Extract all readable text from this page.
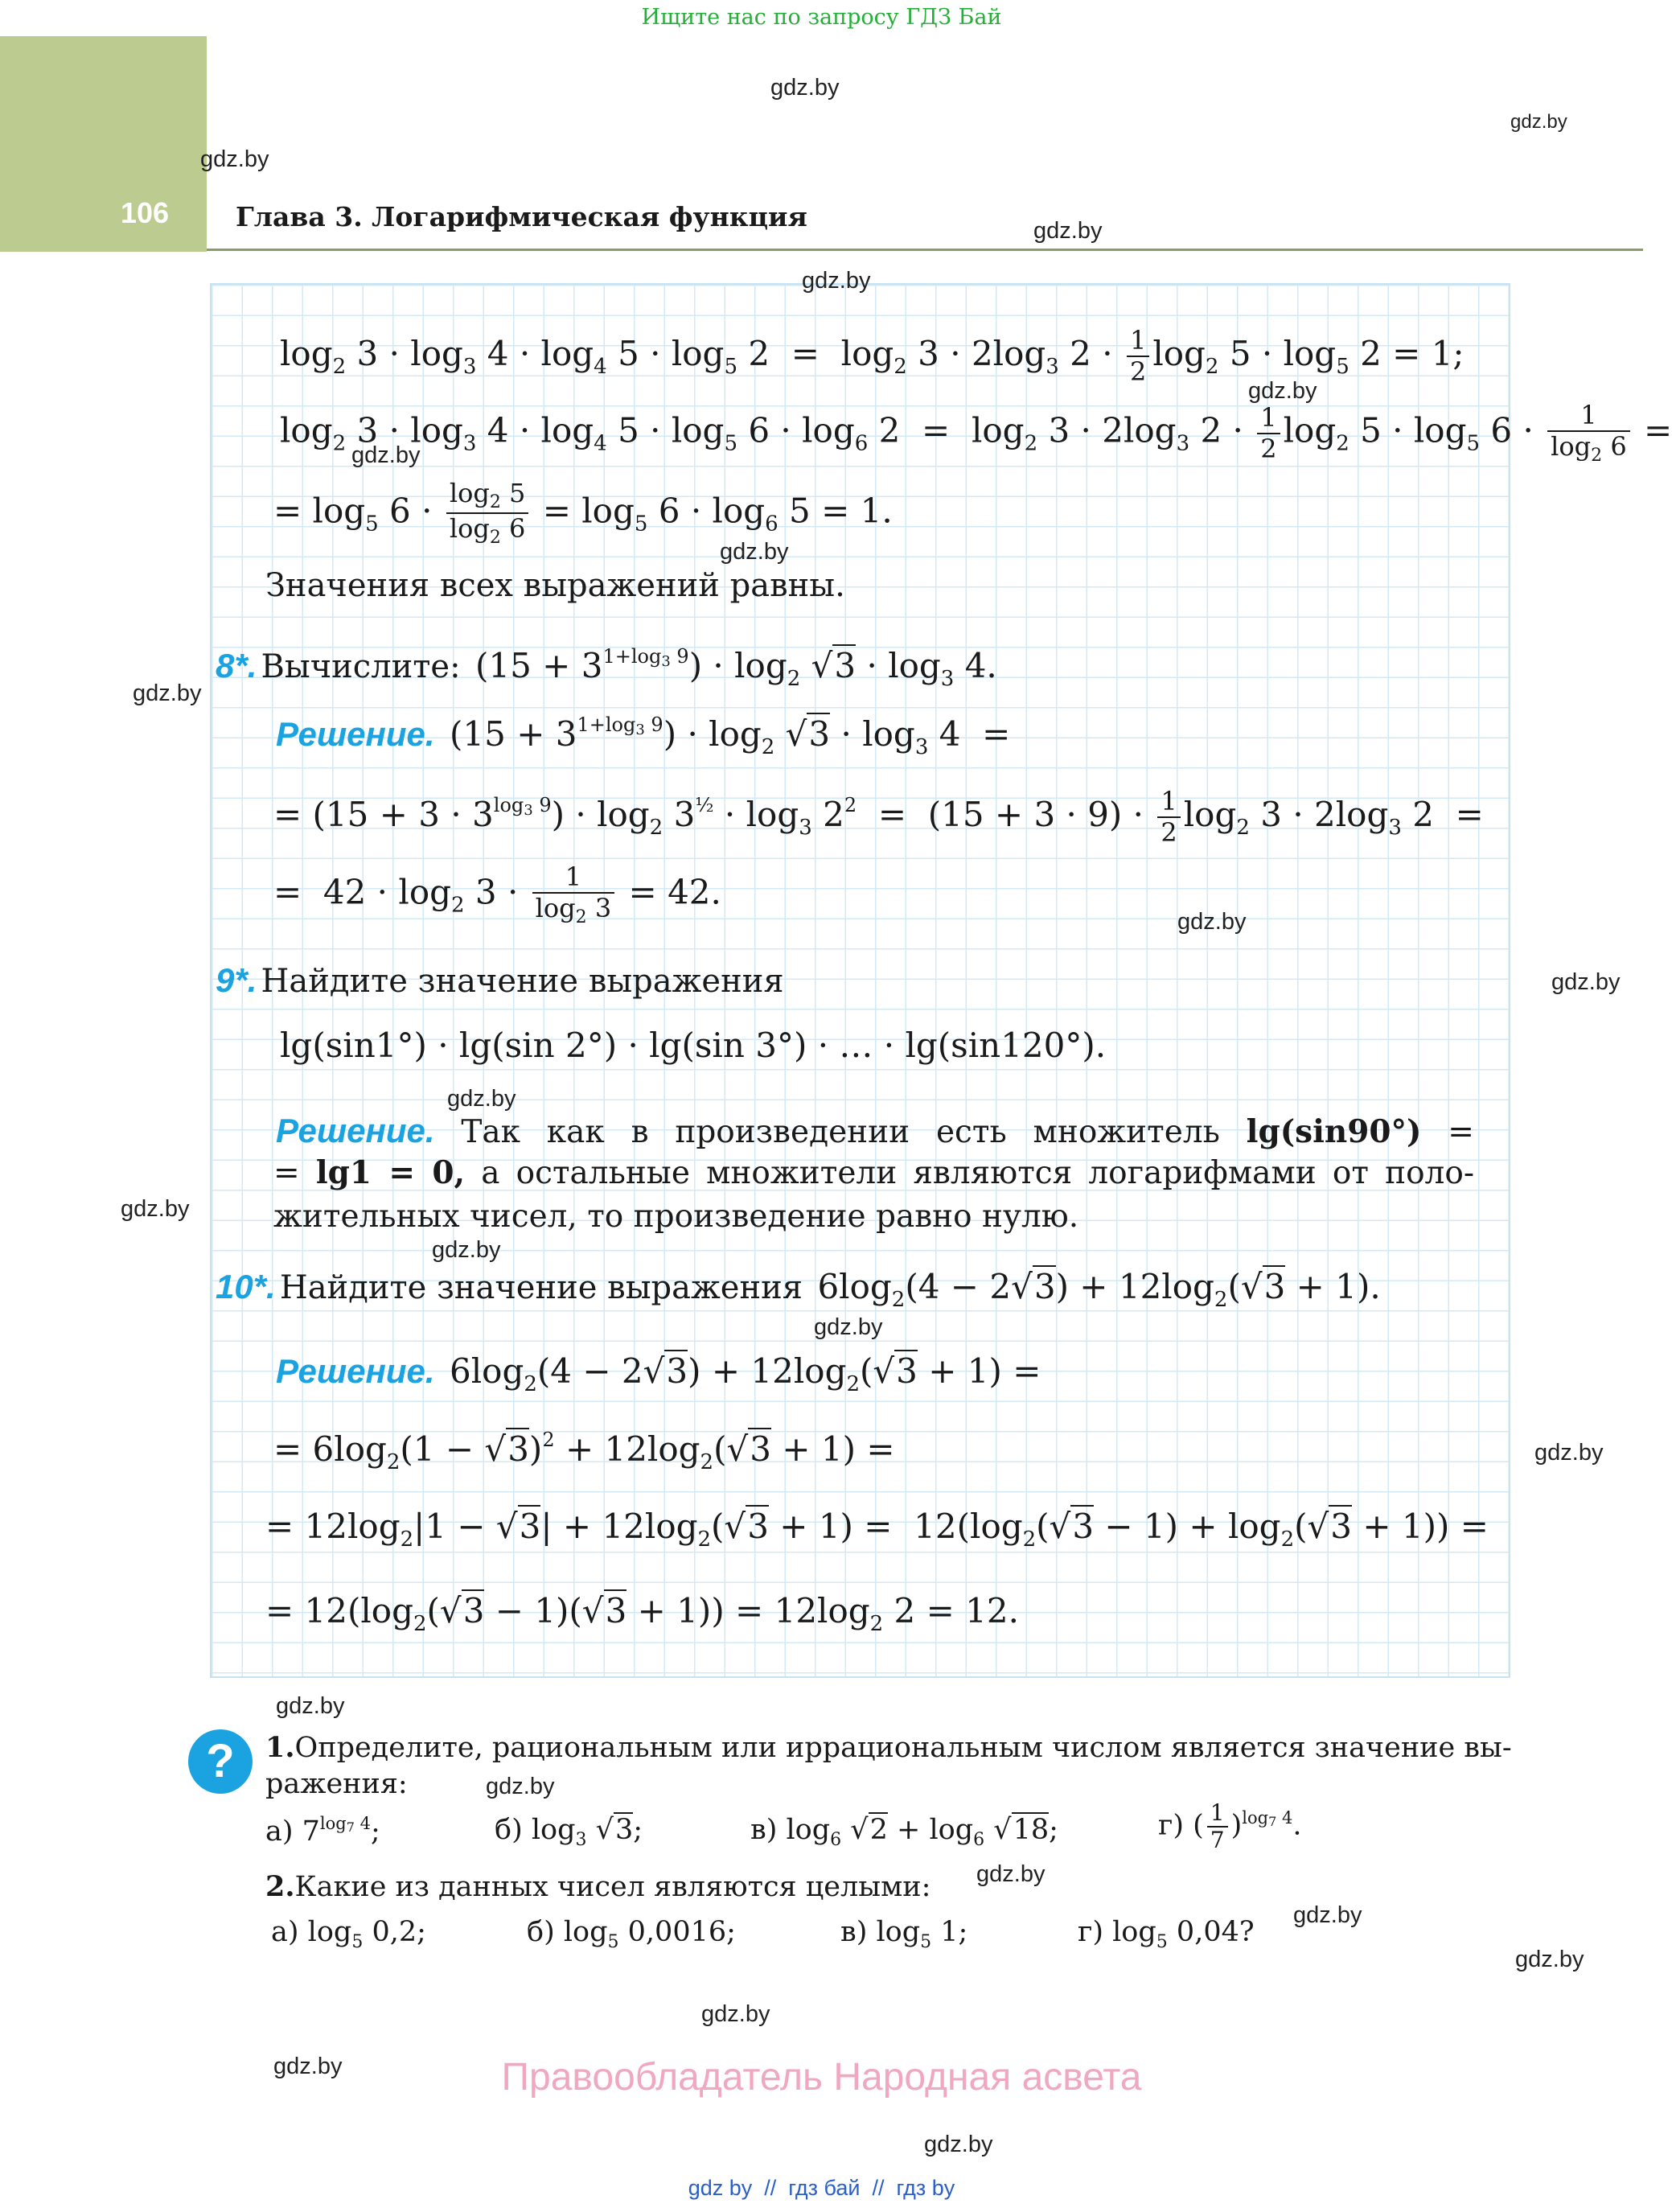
Ищите нас по запросу ГДЗ Бай
106	Глава 3. Логарифмическая функция
gdz.by
gdz.by
gdz.by
gdz.by
gdz.by
gdz.by
gdz.by
gdz.by
gdz.by
gdz.by
gdz.by
gdz.by
gdz.by
gdz.by
gdz.by
gdz.by
$\log_2 3 \cdot \log_3 4 \cdot \log_4 5 \cdot \log_5 2 = \log_2 3 \cdot 2\log_3$ $2 \cdot \frac{1}{2} \log_2 5 \cdot \log_5 2 = 1$;
$\log_2 3 \cdot \log_3 4 \cdot \log_4 5 \cdot \log_5 6 \cdot \log_6 2 = \log_2 3 \cdot 2\log_3$ $2 \cdot \frac{1}{2} \log_2 5 \cdot \log_5 6 \cdot \frac{1}{\log_2 6}$ =
= $\log_5 6 \cdot \frac{\log_2 5}{\log_2 6} = \log_5 6 \cdot \log_6 5 = 1$.
Значения всех выражений равны.
8*. Вычислите:  $(15 + 3^{1+log_3 9}) \cdot \log_2 √3 \cdot \log_3 4$.
Решение.  $(15 + 3^{1+log_3 9}) \cdot \log_2 √3 \cdot \log_3 4$  =
= $(15 + 3 \cdot 3^{log_3 9}) \cdot \log_2 3^{\frac{1}{2}} \cdot \log_3 2^2 = (15 + 3 \cdot 9) \cdot \frac{1}{2} \log_2 3 \cdot 2\log_3$ 2  =
=  $42 \cdot \log_2 3 \cdot \frac{1}{\log_2 3} = 42$.
9*. Найдите значение выражения
lg(sin1°) · lg(sin 2°) · lg(sin 3°) · … · lg(sin120°).
Решение. Так как в произведении есть множитель lg(sin90°) =
= lg1 = 0, а остальные множители являются логарифмами от поло-
жительных чисел, то произведение равно нулю.
10*. Найдите значение выражения  $6\log_2(4 - 2√3) + 12\log_2(√3 + 1)$.
Решение.  $6\log_2(4 - 2√3) + 12\log_2(√3 + 1)$ =
= $6\log_2(1 - √3)^2 + 12\log_2(√3 + 1)$ =
= $12\log_2|1 - √3| + 12\log_2(√3 + 1) = 12(\log_2(√3 - 1) + \log_2(√3 + 1))$ =
= $12(\log_2(√3 - 1)(√3 + 1)) = 12\log_2$ 2 = 12.
gdz.by
gdz.by
gdz.by
gdz.by
gdz.by
gdz.by
gdz.by
gdz.by
?	1.Определите, рациональным или иррациональным числом является значение вы-
ражения:
а) $7^{log_7 4}$;	б) $\log_3 √3$;	в) $\log_6 √2 + \log_6 √18$;	г) ( $\frac{1}{7} )^{log_7 4}$.
2.Какие из данных чисел являются целыми:
а) $\log_5 0,2$;	б) $\log_5 0,0016$;	в) $\log_5 1$;	г) $\log_5 0,04$?
Правообладатель Народная асвета
gdz by  //  гдз бай  //  гдз by
